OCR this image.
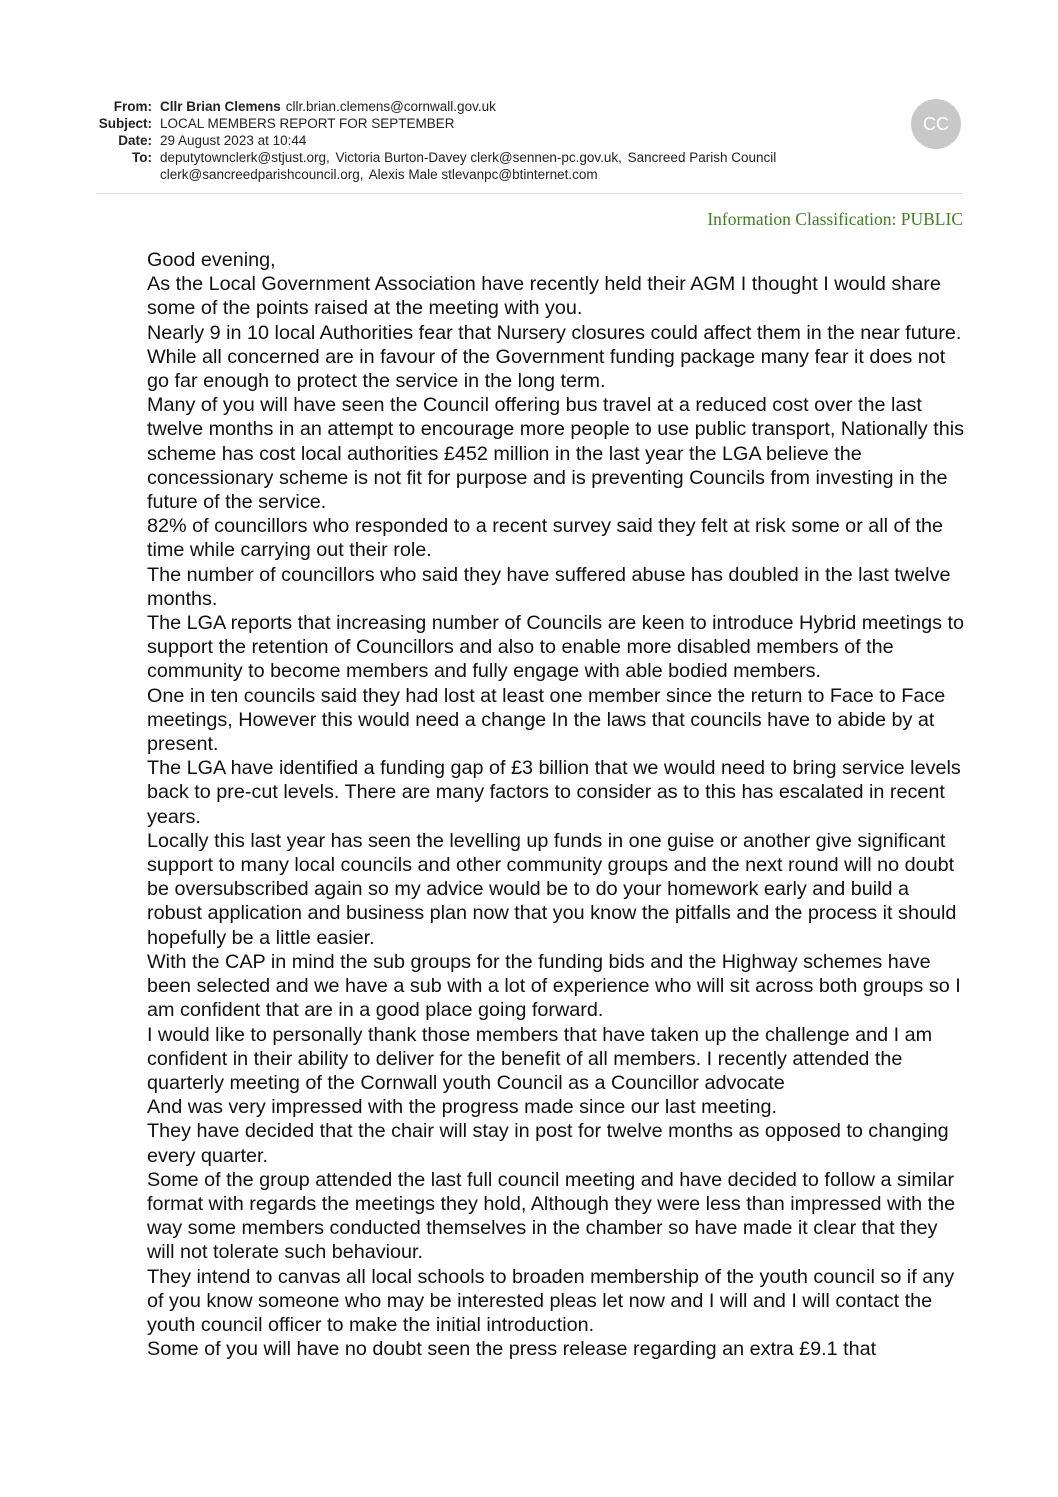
From: Cllr Brian Clemens cllr.brian.clemens@cornwall.gov.uk
Subject: LOCAL MEMBERS REPORT FOR SEPTEMBER
Date: 29 August 2023 at 10:44
To: deputytownclerk@stjust.org, Victoria Burton-Davey clerk@sennen-pc.gov.uk, Sancreed Parish Council clerk@sancreedparishcouncil.org, Alexis Male stlevanpc@btinternet.com
CC
Information Classification: PUBLIC

Good evening,

As the Local Government Association have recently held their AGM I thought I would share some of the points raised at the meeting with you.

Nearly 9 in 10 local Authorities fear that Nursery closures could affect them in the near future.

While all concerned are in favour of the Government funding package many fear it does not go far enough to protect the service in the long term.

Many of you will have seen the Council offering bus travel at a reduced cost over the last twelve months in an attempt to encourage more people to use public transport, Nationally this scheme has cost local authorities £452 million in the last year the LGA believe the concessionary scheme is not fit for purpose and is preventing Councils from investing in the future of the service.

82% of councillors who responded to a recent survey said they felt at risk some or all of the time while carrying out their role.

The number of councillors who said they have suffered abuse has doubled in the last twelve months.

The LGA reports that increasing number of Councils are keen to introduce Hybrid meetings to support the retention of Councillors and also to enable more disabled members of the community to become members and fully engage with able bodied members.

One in ten councils said they had lost at least one member since the return to Face to Face meetings, However this would need a change In the laws that councils have to abide by at present.

The LGA have identified a funding gap of £3 billion that we would need to bring service levels back to pre-cut levels. There are many factors to consider as to this has escalated in recent years.

Locally this last year has seen the levelling up funds in one guise or another give significant support to many local councils and other community groups and the next round will no doubt be oversubscribed again so my advice would be to do your homework early and build a robust application and business plan now that you know the pitfalls and the process it should hopefully be a little easier.

With the CAP in mind the sub groups for the funding bids and the Highway schemes have been selected and we have a sub with a lot of experience who will sit across both groups so I am confident that are in a good place going forward.

I would like to personally thank those members that have taken up the challenge and I am confident in their ability to deliver for the benefit of all members. I recently attended the quarterly meeting of the Cornwall youth Council as a Councillor advocate

And was very impressed with the progress made since our last meeting.

They have decided that the chair will stay in post for twelve months as opposed to changing every quarter.

Some of the group attended the last full council meeting and have decided to follow a similar format with regards the meetings they hold, Although they were less than impressed with the way some members conducted themselves in the chamber so have made it clear that they will not tolerate such behaviour.

They intend to canvas all local schools to broaden membership of the youth council so if any of you know someone who may be interested pleas let now and I will and I will contact the youth council officer to make the initial introduction.

Some of you will have no doubt seen the press release regarding an extra £9.1 that
